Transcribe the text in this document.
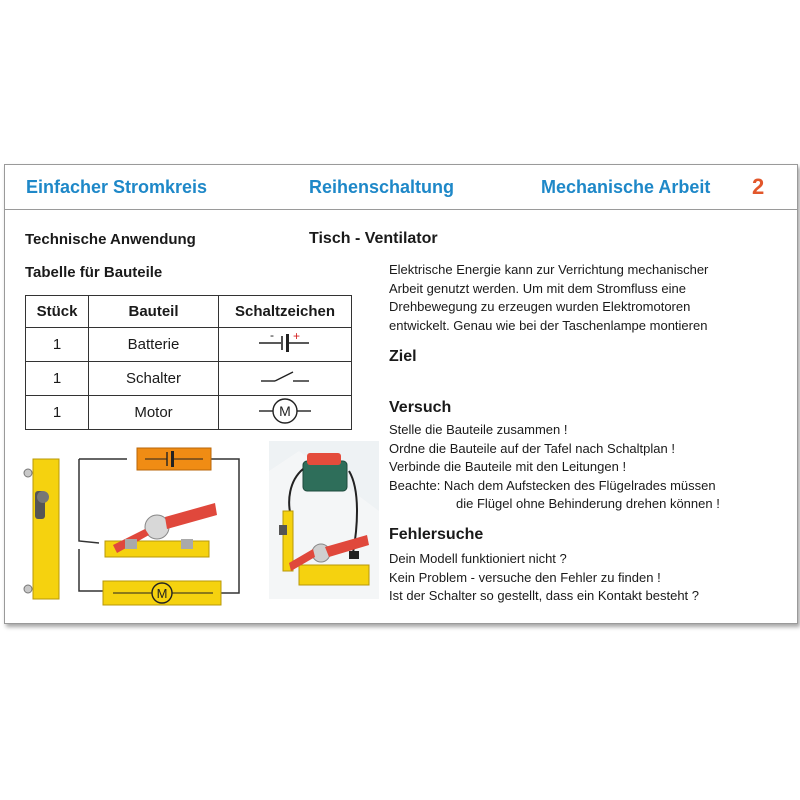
Einfacher Stromkreis	Reihenschaltung	Mechanische Arbeit 2
Technische Anwendung	Tisch - Ventilator
Tabelle für Bauteile
Stück	Bauteil	Schaltzeichen
1	Batterie	- +

1	Schalter	
1	Motor	M
M
Elektrische Energie kann zur Verrichtung mechanischer
Arbeit genutzt werden. Um mit dem Stromfluss eine
Drehbewegung zu erzeugen wurden Elektromotoren
entwickelt. Genau wie bei der Taschenlampe montieren
Ziel
Versuch
Stelle die Bauteile zusammen !
Ordne die Bauteile auf der Tafel nach Schaltplan !
Verbinde die Bauteile mit den Leitungen !
Beachte: Nach dem Aufstecken des Flügelrades müssen
die Flügel ohne Behinderung drehen können !
Fehlersuche
Dein Modell funktioniert nicht ?
Kein Problem - versuche den Fehler zu finden !
Ist der Schalter so gestellt, dass ein Kontakt besteht ?
